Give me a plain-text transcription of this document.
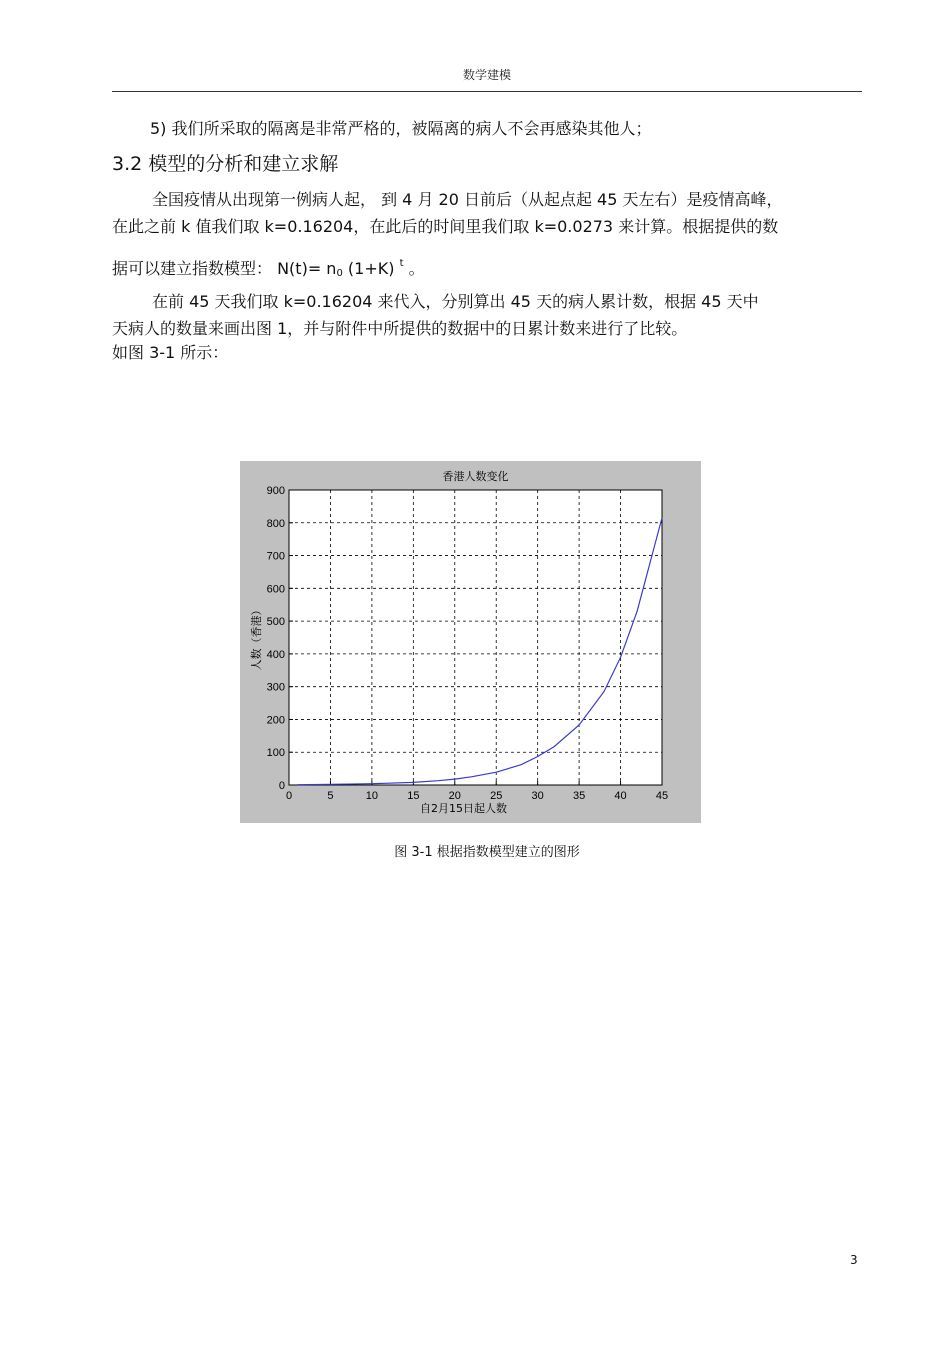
数学建模
5) 我们所采取的隔离是非常严格的，被隔离的病人不会再感染其他人；
3.2 模型的分析和建立求解
全国疫情从出现第一例病人起， 到 4 月 20 日前后（从起点起 45 天左右）是疫情高峰，
在此之前 k 值我们取 k=0.16204，在此后的时间里我们取 k=0.0273 来计算。根据提供的数
据可以建立指数模型： $N(t)= n_0$ (1+K) $^t$ 。
在前 45 天我们取 k=0.16204 来代入，分别算出 45 天的病人累计数，根据 45 天中
天病人的数量来画出图 1，并与附件中所提供的数据中的日累计数来进行了比较。
如图 3-1 所示：
0	5	10	15	20	25	30	35	40	45
0
100
200
300
400
500
600
700
800
900
香港人数变化
自2月15日起人数
人数（香港）
图 3-1 根据指数模型建立的图形
3
